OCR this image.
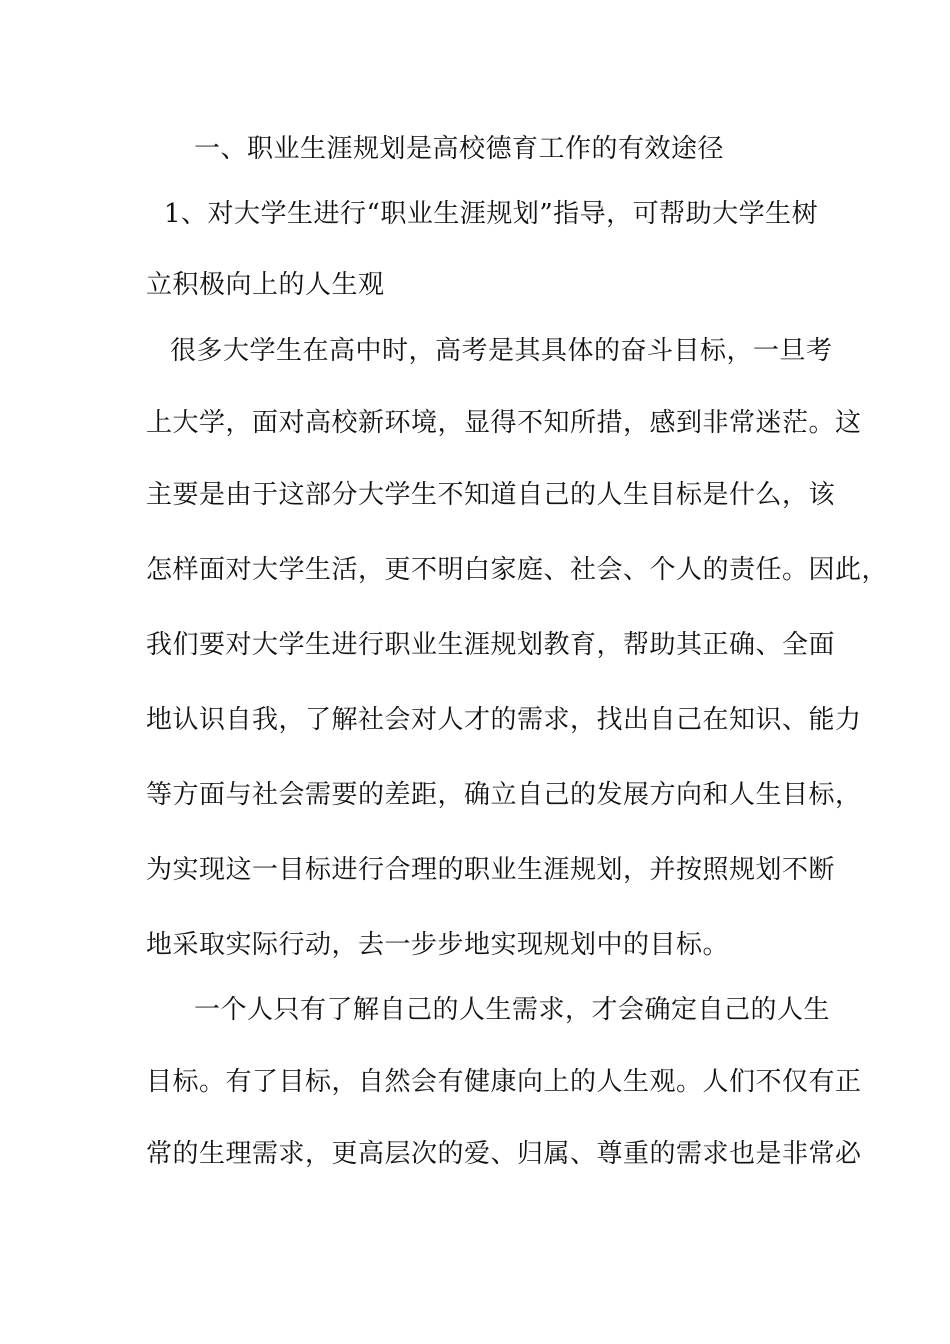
一、职业生涯规划是高校德育工作的有效途径
1、对大学生进行“职业生涯规划”指导，可帮助大学生树
立积极向上的人生观
很多大学生在高中时，高考是其具体的奋斗目标，一旦考
上大学，面对高校新环境，显得不知所措，感到非常迷茫。这
主要是由于这部分大学生不知道自己的人生目标是什么，该
怎样面对大学生活，更不明白家庭、社会、个人的责任。因此，
我们要对大学生进行职业生涯规划教育，帮助其正确、全面
地认识自我，了解社会对人才的需求，找出自己在知识、能力
等方面与社会需要的差距，确立自己的发展方向和人生目标，
为实现这一目标进行合理的职业生涯规划，并按照规划不断
地采取实际行动，去一步步地实现规划中的目标。
一个人只有了解自己的人生需求，才会确定自己的人生
目标。有了目标，自然会有健康向上的人生观。人们不仅有正
常的生理需求，更高层次的爱、归属、尊重的需求也是非常必
